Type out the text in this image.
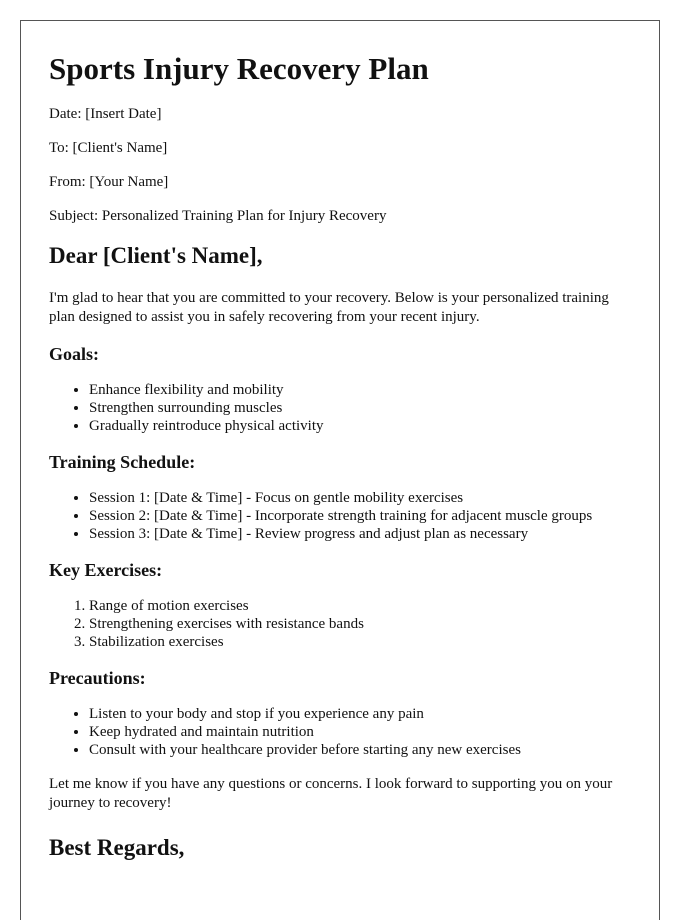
Sports Injury Recovery Plan

Date: [Insert Date]

To: [Client's Name]

From: [Your Name]

Subject: Personalized Training Plan for Injury Recovery

Dear [Client's Name],

I'm glad to hear that you are committed to your recovery. Below is your personalized training plan designed to assist you in safely recovering from your recent injury.

Goals:
• Enhance flexibility and mobility
• Strengthen surrounding muscles
• Gradually reintroduce physical activity
Training Schedule:
• Session 1: [Date & Time] - Focus on gentle mobility exercises
• Session 2: [Date & Time] - Incorporate strength training for adjacent muscle groups
• Session 3: [Date & Time] - Review progress and adjust plan as necessary
Key Exercises:
1. Range of motion exercises
2. Strengthening exercises with resistance bands
3. Stabilization exercises
Precautions:
• Listen to your body and stop if you experience any pain
• Keep hydrated and maintain nutrition
• Consult with your healthcare provider before starting any new exercises

Let me know if you have any questions or concerns. I look forward to supporting you on your journey to recovery!

Best Regards,
